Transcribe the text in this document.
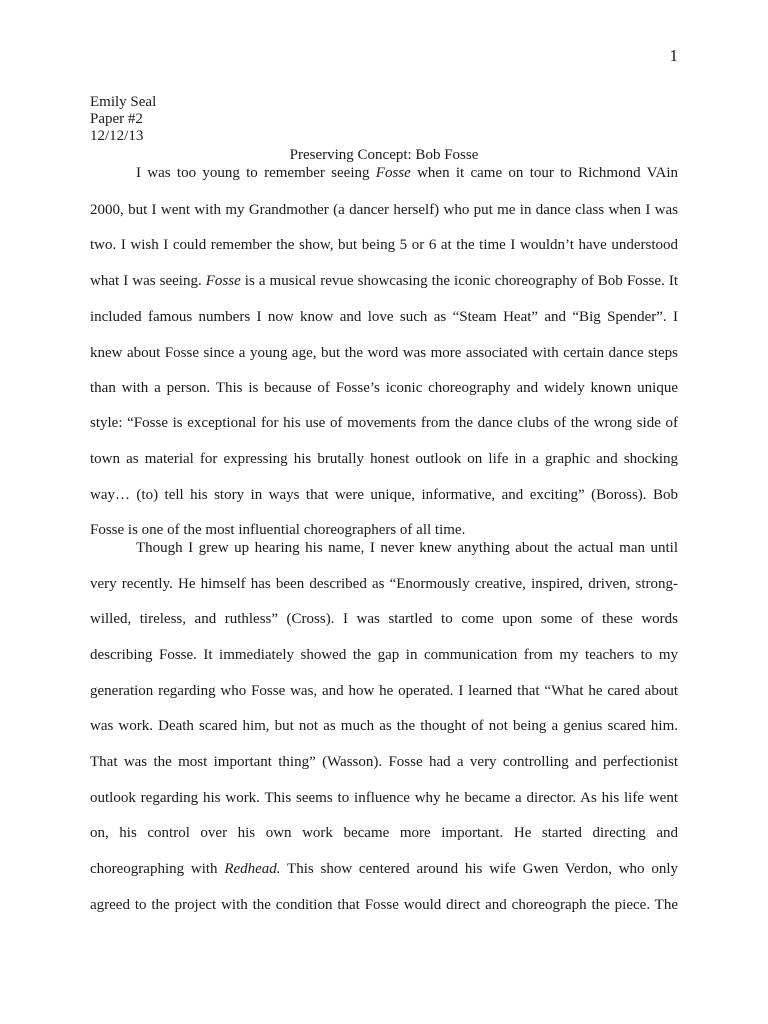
1
Emily Seal
Paper #2
12/12/13
Preserving Concept: Bob Fosse
I was too young to remember seeing Fosse when it came on tour to Richmond VAin
2000, but I went with my Grandmother (a dancer herself) who put me in dance class when I was
two. I wish I could remember the show, but being 5 or 6 at the time I wouldn’t have understood
what I was seeing. Fosse is a musical revue showcasing the iconic choreography of Bob Fosse. It
included famous numbers I now know and love such as “Steam Heat” and “Big Spender”. I
knew about Fosse since a young age, but the word was more associated with certain dance steps
than with a person. This is because of Fosse’s iconic choreography and widely known unique
style: “Fosse is exceptional for his use of movements from the dance clubs of the wrong side of
town as material for expressing his brutally honest outlook on life in a graphic and shocking
way… (to) tell his story in ways that were unique, informative, and exciting” (Boross). Bob
Fosse is one of the most influential choreographers of all time.
Though I grew up hearing his name, I never knew anything about the actual man until
very recently. He himself has been described as “Enormously creative, inspired, driven, strong-
willed, tireless, and ruthless” (Cross). I was startled to come upon some of these words
describing Fosse. It immediately showed the gap in communication from my teachers to my
generation regarding who Fosse was, and how he operated. I learned that “What he cared about
was work. Death scared him, but not as much as the thought of not being a genius scared him.
That was the most important thing” (Wasson). Fosse had a very controlling and perfectionist
outlook regarding his work. This seems to influence why he became a director. As his life went
on, his control over his own work became more important. He started directing and
choreographing with Redhead. This show centered around his wife Gwen Verdon, who only
agreed to the project with the condition that Fosse would direct and choreograph the piece. The
